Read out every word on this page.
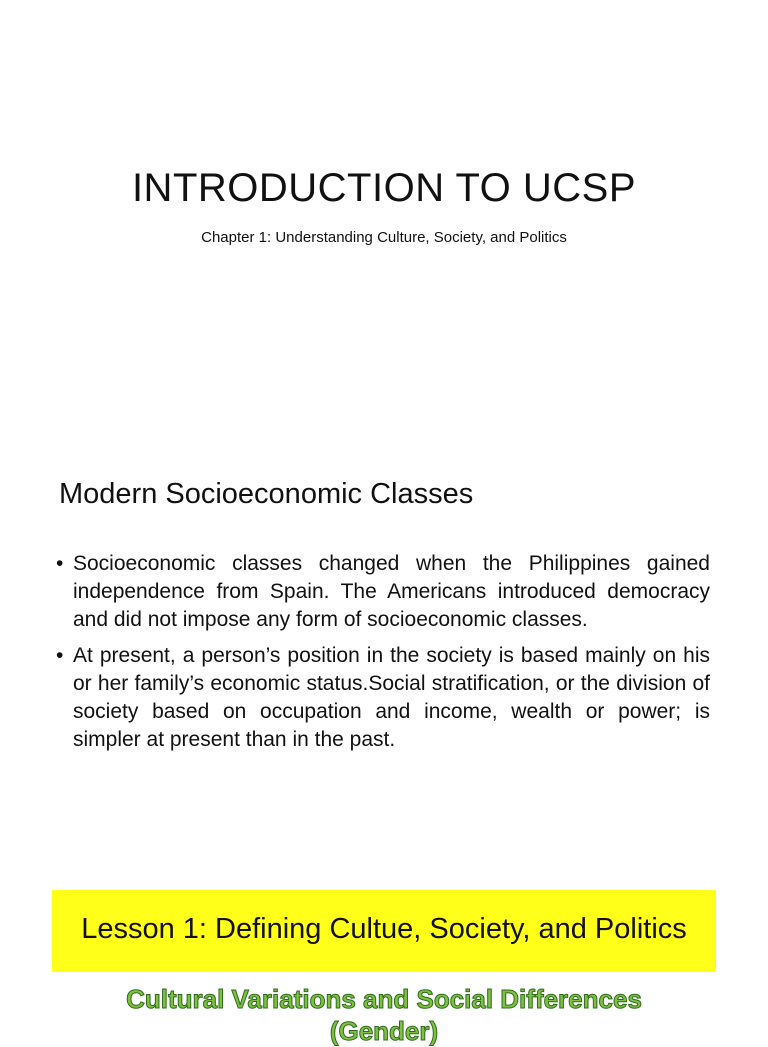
INTRODUCTION TO UCSP
Chapter 1: Understanding Culture, Society, and Politics
Modern Socioeconomic Classes
• Socioeconomic classes changed when the Philippines gained independence from Spain. The Americans introduced democracy and did not impose any form of socioeconomic classes.
• At present, a person’s position in the society is based mainly on his or her family’s economic status.Social stratification, or the division of society based on occupation and income, wealth or power; is simpler at present than in the past.
Lesson 1: Defining Cultue, Society, and Politics
Cultural Variations and Social Differences
(Gender)
